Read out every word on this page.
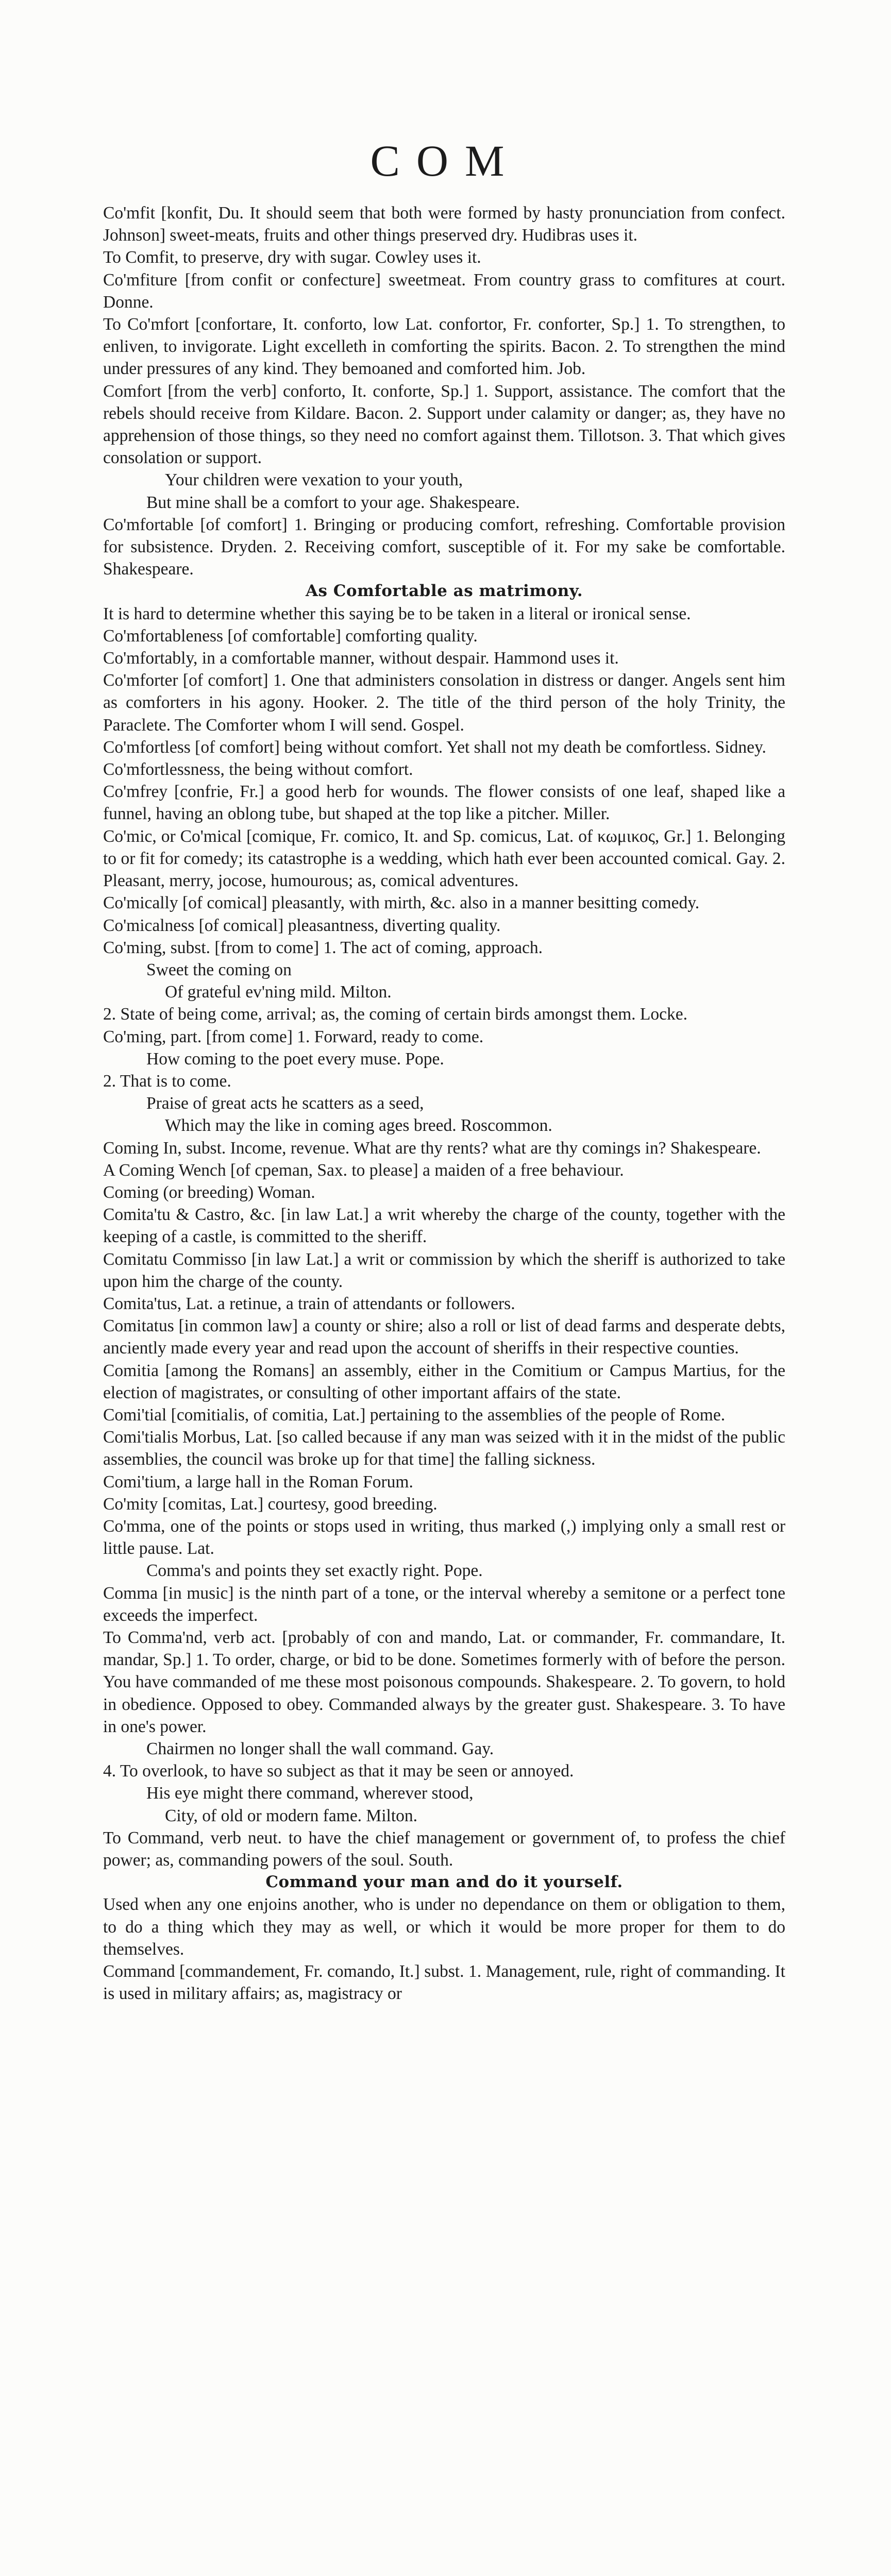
COM
Co'mfit [konfit, Du. It should seem that both were formed by hasty pronunciation from confect. Johnson] sweet-meats, fruits and other things preserved dry. Hudibras uses it.
To Comfit, to preserve, dry with sugar. Cowley uses it.
Co'mfiture [from confit or confecture] sweetmeat. From country grass to comfitures at court. Donne.
To Co'mfort [confortare, It. conforto, low Lat. confortor, Fr. conforter, Sp.] 1. To strengthen, to enliven, to invigorate. Light excelleth in comforting the spirits. Bacon. 2. To strengthen the mind under pressures of any kind. They bemoaned and comforted him. Job.
Comfort [from the verb] conforto, It. conforte, Sp.] 1. Support, assistance. The comfort that the rebels should receive from Kildare. Bacon. 2. Support under calamity or danger; as, they have no apprehension of those things, so they need no comfort against them. Tillotson. 3. That which gives consolation or support.
Your children were vexation to your youth,
But mine shall be a comfort to your age. Shakespeare.
Co'mfortable [of comfort] 1. Bringing or producing comfort, refreshing. Comfortable provision for subsistence. Dryden. 2. Receiving comfort, susceptible of it. For my sake be comfortable. Shakespeare.
As Comfortable as matrimony.
It is hard to determine whether this saying be to be taken in a literal or ironical sense.
Co'mfortableness [of comfortable] comforting quality.
Co'mfortably, in a comfortable manner, without despair. Hammond uses it.
Co'mforter [of comfort] 1. One that administers consolation in distress or danger. Angels sent him as comforters in his agony. Hooker. 2. The title of the third person of the holy Trinity, the Paraclete. The Comforter whom I will send. Gospel.
Co'mfortless [of comfort] being without comfort. Yet shall not my death be comfortless. Sidney.
Co'mfortlessness, the being without comfort.
Co'mfrey [confrie, Fr.] a good herb for wounds. The flower consists of one leaf, shaped like a funnel, having an oblong tube, but shaped at the top like a pitcher. Miller.
Co'mic, or Co'mical [comique, Fr. comico, It. and Sp. comicus, Lat. of κωμικος, Gr.] 1. Belonging to or fit for comedy; its catastrophe is a wedding, which hath ever been accounted comical. Gay. 2. Pleasant, merry, jocose, humourous; as, comical adventures.
Co'mically [of comical] pleasantly, with mirth, &c. also in a manner besitting comedy.
Co'micalness [of comical] pleasantness, diverting quality.
Co'ming, subst. [from to come] 1. The act of coming, approach.
Sweet the coming on
Of grateful ev'ning mild. Milton.
2. State of being come, arrival; as, the coming of certain birds amongst them. Locke.
Co'ming, part. [from come] 1. Forward, ready to come.
How coming to the poet every muse. Pope.
2. That is to come.
Praise of great acts he scatters as a seed,
Which may the like in coming ages breed. Roscommon.
Coming In, subst. Income, revenue. What are thy rents? what are thy comings in? Shakespeare.
A Coming Wench [of cpeman, Sax. to please] a maiden of a free behaviour.
Coming (or breeding) Woman.
Comita'tu & Castro, &c. [in law Lat.] a writ whereby the charge of the county, together with the keeping of a castle, is committed to the sheriff.
Comitatu Commisso [in law Lat.] a writ or commission by which the sheriff is authorized to take upon him the charge of the county.
Comita'tus, Lat. a retinue, a train of attendants or followers.
Comitatus [in common law] a county or shire; also a roll or list of dead farms and desperate debts, anciently made every year and read upon the account of sheriffs in their respective counties.
Comitia [among the Romans] an assembly, either in the Comitium or Campus Martius, for the election of magistrates, or consulting of other important affairs of the state.
Comi'tial [comitialis, of comitia, Lat.] pertaining to the assemblies of the people of Rome.
Comi'tialis Morbus, Lat. [so called because if any man was seized with it in the midst of the public assemblies, the council was broke up for that time] the falling sickness.
Comi'tium, a large hall in the Roman Forum.
Co'mity [comitas, Lat.] courtesy, good breeding.
Co'mma, one of the points or stops used in writing, thus marked (,) implying only a small rest or little pause. Lat.
Comma's and points they set exactly right. Pope.
Comma [in music] is the ninth part of a tone, or the interval whereby a semitone or a perfect tone exceeds the imperfect.
To Comma'nd, verb act. [probably of con and mando, Lat. or commander, Fr. commandare, It. mandar, Sp.] 1. To order, charge, or bid to be done. Sometimes formerly with of before the person. You have commanded of me these most poisonous compounds. Shakespeare. 2. To govern, to hold in obedience. Opposed to obey. Commanded always by the greater gust. Shakespeare. 3. To have in one's power.
Chairmen no longer shall the wall command. Gay.
4. To overlook, to have so subject as that it may be seen or annoyed.
His eye might there command, wherever stood,
City, of old or modern fame. Milton.
To Command, verb neut. to have the chief management or government of, to profess the chief power; as, commanding powers of the soul. South.
Command your man and do it yourself.
Used when any one enjoins another, who is under no dependance on them or obligation to them, to do a thing which they may as well, or which it would be more proper for them to do themselves.
Command [commandement, Fr. comando, It.] subst. 1. Management, rule, right of commanding. It is used in military affairs; as, magistracy or
